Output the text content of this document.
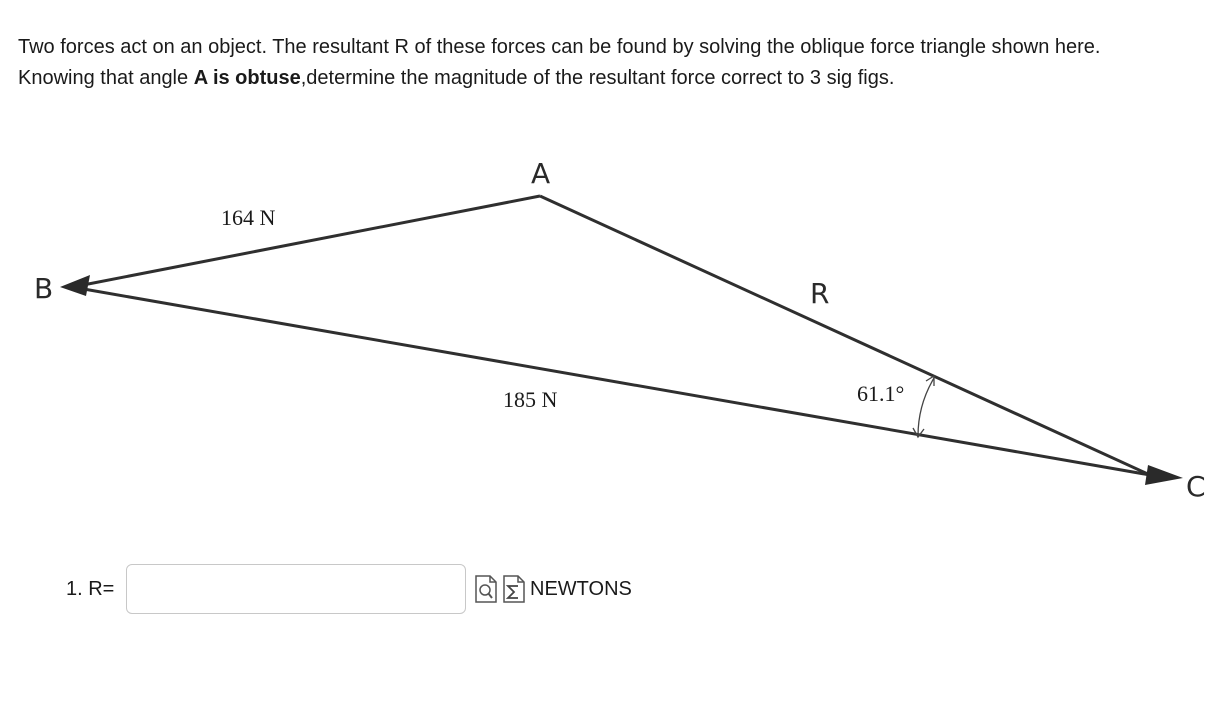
Two forces act on an object. The resultant R of these forces can be found by solving the oblique force triangle shown here.
Knowing that angle A is obtuse,determine the magnitude of the resultant force correct to 3 sig figs.
A
B
C
164 N
185 N
R
61.1°
1. R=	NEWTONS
